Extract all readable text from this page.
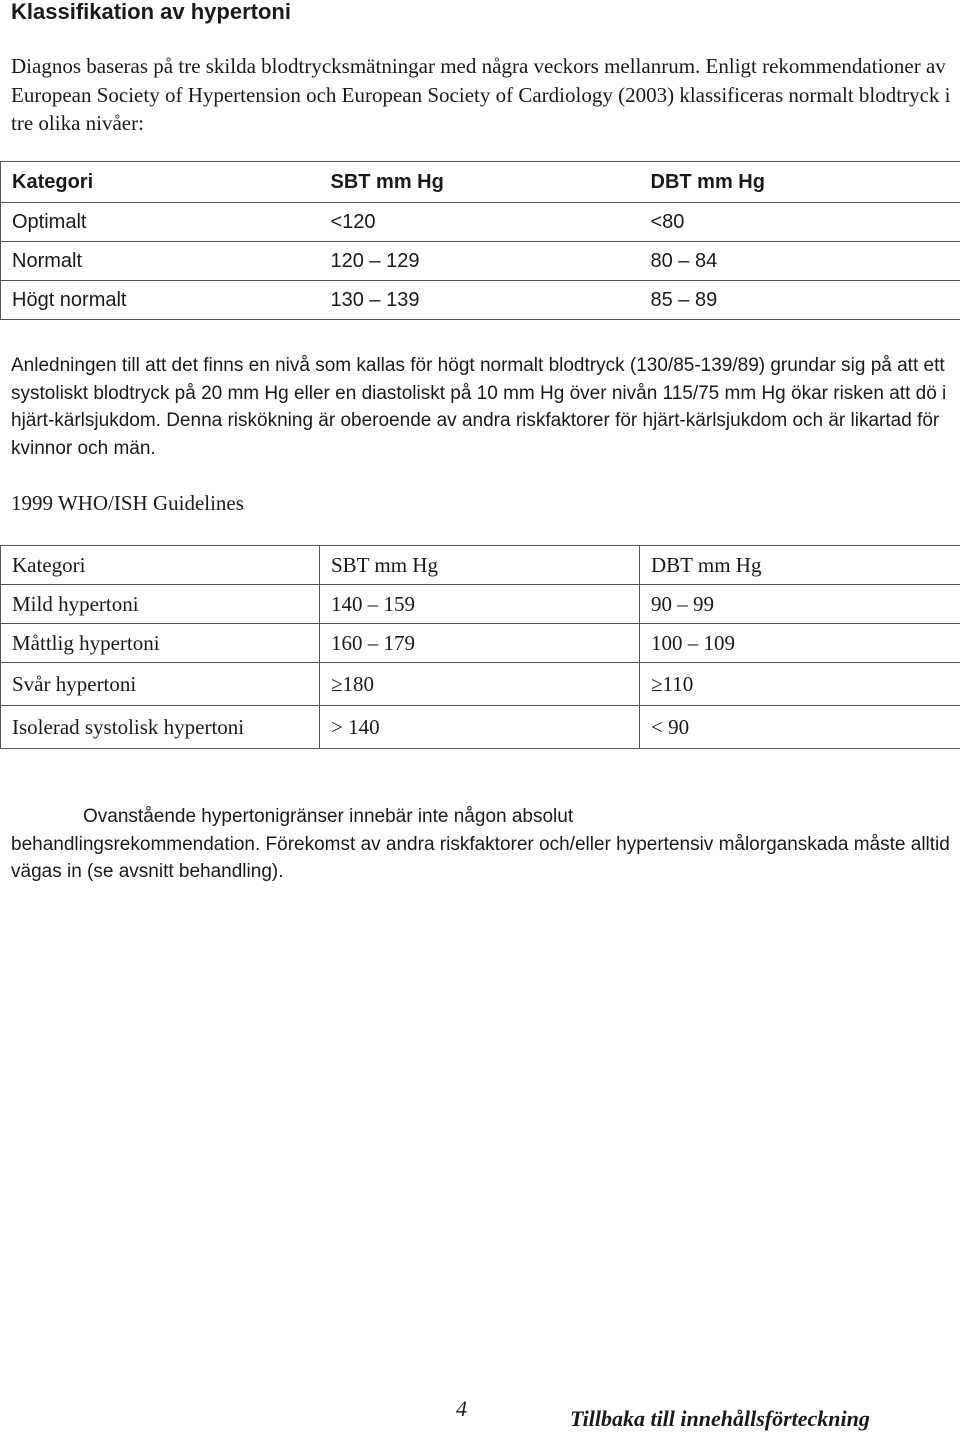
Klassifikation av hypertoni

Diagnos baseras på tre skilda blodtrycksmätningar med några veckors mellanrum. Enligt rekommendationer av European Society of Hypertension och European Society of Cardiology (2003) klassificeras normalt blodtryck i tre olika nivåer:

Kategori	SBT mm Hg	DBT mm Hg
Optimalt	<120	<80
Normalt	120 – 129	80 – 84
Högt normalt	130 – 139	85 – 89

Anledningen till att det finns en nivå som kallas för högt normalt blodtryck (130/85-139/89) grundar sig på att ett systoliskt blodtryck på 20 mm Hg eller en diastoliskt på 10 mm Hg över nivån 115/75 mm Hg ökar risken att dö i hjärt-kärlsjukdom. Denna riskökning är oberoende av andra riskfaktorer för hjärt-kärlsjukdom och är likartad för kvinnor och män.

1999 WHO/ISH Guidelines

Kategori	SBT mm Hg	DBT mm Hg
Mild hypertoni	140 – 159	90 – 99
Måttlig hypertoni	160 – 179	100 – 109
Svår hypertoni	≥180	≥110
Isolerad systolisk hypertoni	> 140	< 90

Ovanstående hypertonigränser innebär inte någon absolut
behandlingsrekommendation. Förekomst av andra riskfaktorer och/eller hypertensiv målorganskada måste alltid vägas in (se avsnitt behandling).

4	Tillbaka till innehållsförteckning
